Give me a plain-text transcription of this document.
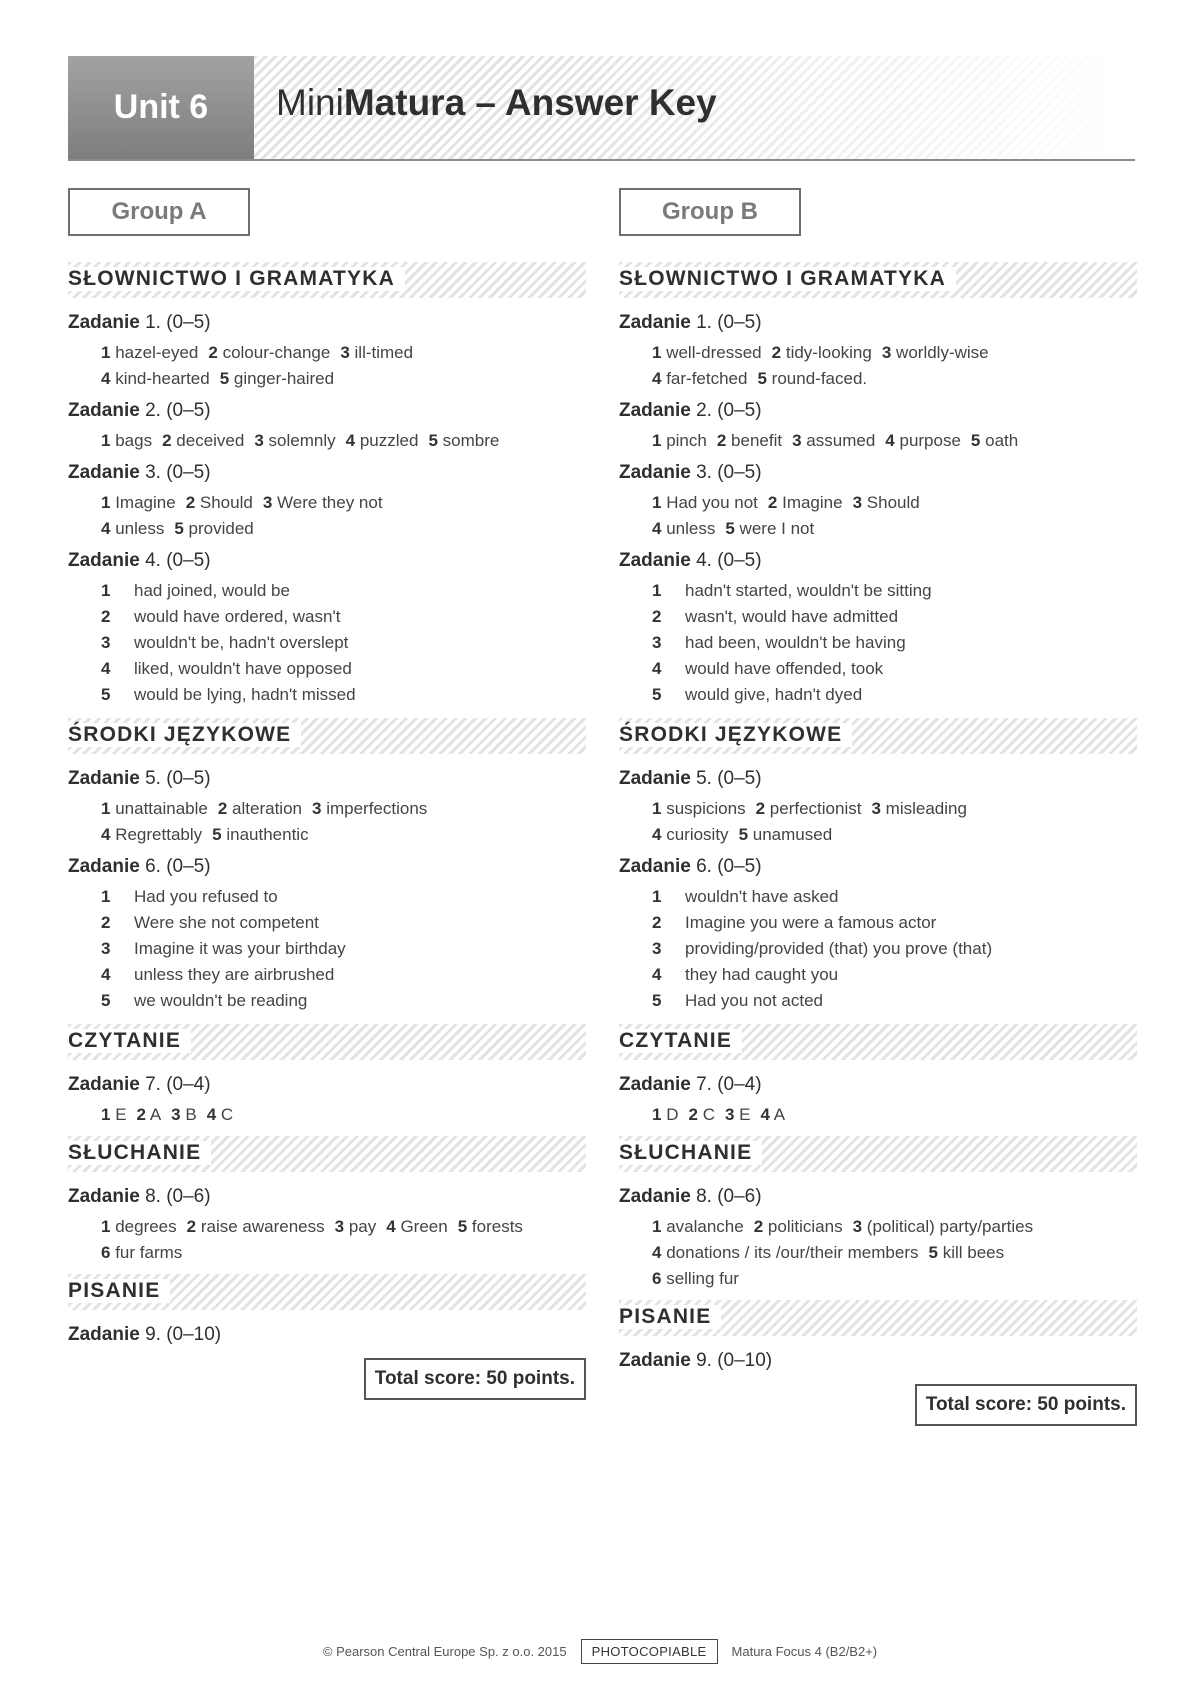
Unit 6 MiniMatura – Answer Key
Group A
SŁOWNICTWO I GRAMATYKA
Zadanie 1. (0–5)
1 hazel-eyed 2 colour-change 3 ill-timed
4 kind-hearted 5 ginger-haired
Zadanie 2. (0–5)
1 bags 2 deceived 3 solemnly 4 puzzled 5 sombre
Zadanie 3. (0–5)
1 Imagine 2 Should 3 Were they not
4 unless 5 provided
Zadanie 4. (0–5)
1	had joined, would be
2	would have ordered, wasn't
3	wouldn't be, hadn't overslept
4	liked, wouldn't have opposed
5	would be lying, hadn't missed
ŚRODKI JĘZYKOWE
Zadanie 5. (0–5)
1 unattainable 2 alteration 3 imperfections
4 Regrettably 5 inauthentic
Zadanie 6. (0–5)
1	Had you refused to
2	Were she not competent
3	Imagine it was your birthday
4	unless they are airbrushed
5	we wouldn't be reading
CZYTANIE
Zadanie 7. (0–4)
1 E 2 A 3 B 4 C
SŁUCHANIE
Zadanie 8. (0–6)
1 degrees 2 raise awareness 3 pay 4 Green 5 forests
6 fur farms
PISANIE
Zadanie 9. (0–10)
Total score: 50 points.
Group B
SŁOWNICTWO I GRAMATYKA
Zadanie 1. (0–5)
1 well-dressed 2 tidy-looking 3 worldly-wise
4 far-fetched 5 round-faced.
Zadanie 2. (0–5)
1 pinch 2 benefit 3 assumed 4 purpose 5 oath
Zadanie 3. (0–5)
1 Had you not 2 Imagine 3 Should
4 unless 5 were I not
Zadanie 4. (0–5)
1	hadn't started, wouldn't be sitting
2	wasn't, would have admitted
3	had been, wouldn't be having
4	would have offended, took
5	would give, hadn't dyed
ŚRODKI JĘZYKOWE
Zadanie 5. (0–5)
1 suspicions 2 perfectionist 3 misleading
4 curiosity 5 unamused
Zadanie 6. (0–5)
1	wouldn't have asked
2	Imagine you were a famous actor
3	providing/provided (that) you prove (that)
4	they had caught you
5	Had you not acted
CZYTANIE
Zadanie 7. (0–4)
1 D 2 C 3 E 4 A
SŁUCHANIE
Zadanie 8. (0–6)
1 avalanche 2 politicians 3 (political) party/parties
4 donations / its /our/their members 5 kill bees
6 selling fur
PISANIE
Zadanie 9. (0–10)
Total score: 50 points.
© Pearson Central Europe Sp. z o.o. 2015	PHOTOCOPIABLE	Matura Focus 4 (B2/B2+)
